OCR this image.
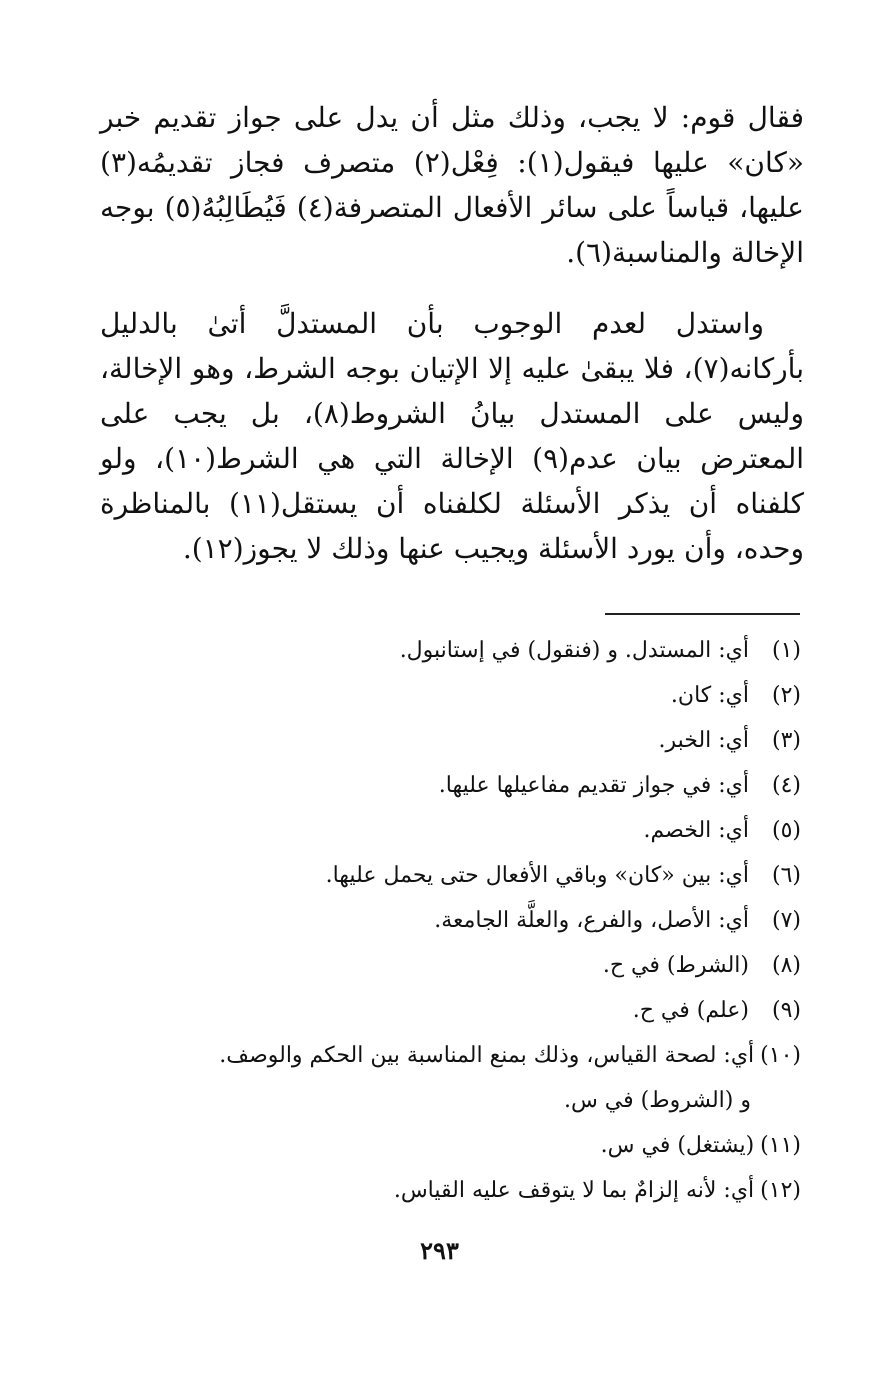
فقال قوم: لا يجب، وذلك مثل أن يدل على جواز تقديم خبر «كان» عليها فيقول(١): فِعْل(٢) متصرف فجاز تقديمُه(٣) عليها، قياساً على سائر الأفعال المتصرفة(٤) فَيُطَالِبُهُ(٥) بوجه الإخالة والمناسبة(٦).

واستدل لعدم الوجوب بأن المستدلَّ أتىٰ بالدليل بأركانه(٧)، فلا يبقىٰ عليه إلا الإتيان بوجه الشرط، وهو الإخالة، وليس على المستدل بيانُ الشروط(٨)، بل يجب على المعترض بيان عدم(٩) الإخالة التي هي الشرط(١٠)، ولو كلفناه أن يذكر الأسئلة لكلفناه أن يستقل(١١) بالمناظرة وحده، وأن يورد الأسئلة ويجيب عنها وذلك لا يجوز(١٢).

(١)
أي: المستدل. و (فنقول) في إستانبول.
(٢)
أي: كان.
(٣)
أي: الخبر.
(٤)
أي: في جواز تقديم مفاعيلها عليها.
(٥)
أي: الخصم.
(٦)
أي: بين «كان» وباقي الأفعال حتى يحمل عليها.
(٧)
أي: الأصل، والفرع، والعلَّة الجامعة.
(٨)
(الشرط) في ح.
(٩)
(علم) في ح.
(١٠)
أي: لصحة القياس، وذلك بمنع المناسبة بين الحكم والوصف.
و (الشروط) في س.
(١١)
(يشتغل) في س.
(١٢)
أي: لأنه إلزامٌ بما لا يتوقف عليه القياس.
٢٩٣
